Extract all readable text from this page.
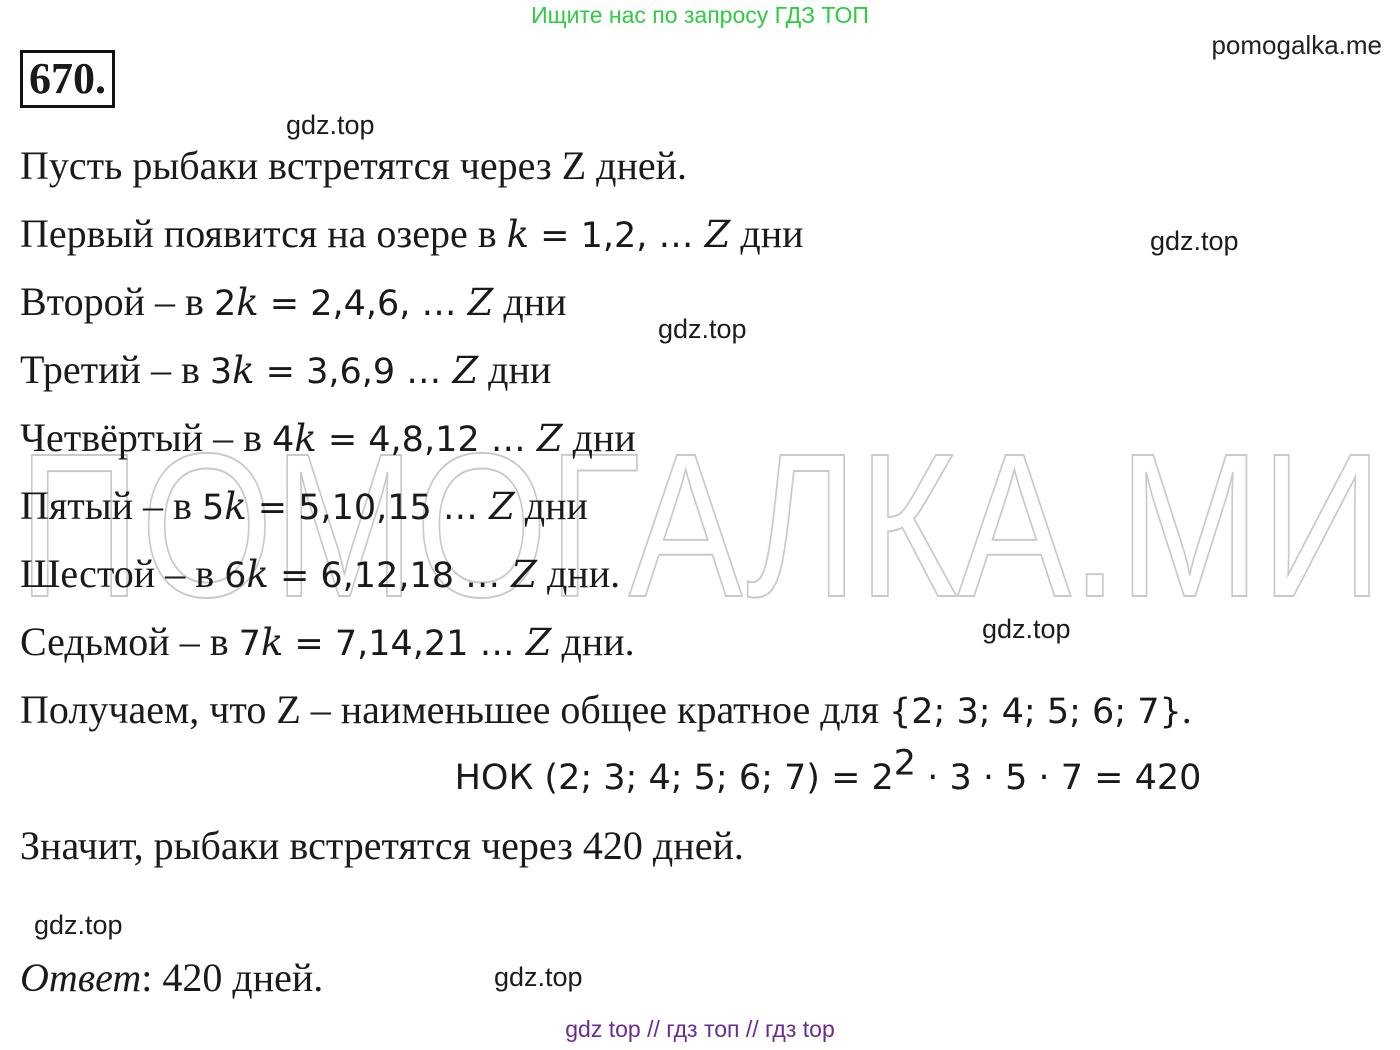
ПОМОГАЛКА.МИ
Ищите нас по запросу ГДЗ ТОП
pomogalka.me
670.
gdz.top
gdz.top
gdz.top
gdz.top
gdz.top
gdz.top
Пусть рыбаки встретятся через Z дней.
Первый появится на озере в k = 1,2, … Z дни
Второй – в 2k = 2,4,6, … Z дни
Третий – в 3k = 3,6,9 … Z дни
Четвёртый – в 4k = 4,8,12 … Z дни
Пятый – в 5k = 5,10,15 … Z дни
Шестой – в 6k = 6,12,18 … Z дни.
Седьмой – в 7k = 7,14,21 … Z дни.
Получаем, что Z – наименьшее общее кратное для {2; 3; 4; 5; 6; 7}.
НОК (2; 3; 4; 5; 6; $7) = 2^2 \cdot 3 \cdot 5 \cdot 7 = 420$
Значит, рыбаки встретятся через 420 дней.
Ответ: 420 дней.
gdz top // гдз топ // гдз top
